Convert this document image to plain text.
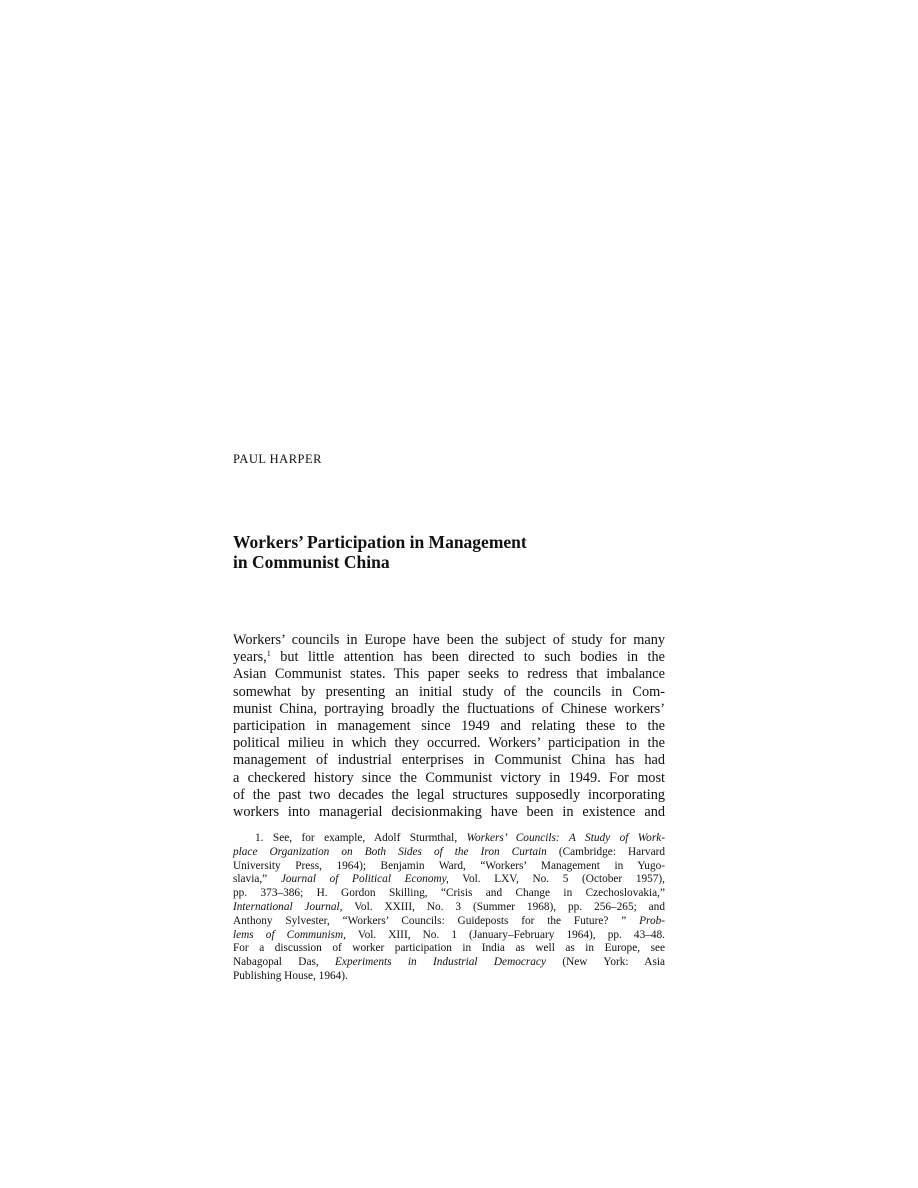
PAUL HARPER
Workers’ Participation in Management
in Communist China
Workers’ councils in Europe have been the subject of study for many
years,$^1$ but little attention has been directed to such bodies in the
Asian Communist states. This paper seeks to redress that imbalance
somewhat by presenting an initial study of the councils in Com-
munist China, portraying broadly the fluctuations of Chinese workers’
participation in management since 1949 and relating these to the
political milieu in which they occurred. Workers’ participation in the
management of industrial enterprises in Communist China has had
a checkered history since the Communist victory in 1949. For most
of the past two decades the legal structures supposedly incorporating
workers into managerial decisionmaking have been in existence and
1. See, for example, Adolf Sturmthal, Workers’ Councils: A Study of Work-
place Organization on Both Sides of the Iron Curtain (Cambridge: Harvard
University Press, 1964); Benjamin Ward, “Workers’ Management in Yugo-
slavia,” Journal of Political Economy, Vol. LXV, No. 5 (October 1957),
pp. 373–386; H. Gordon Skilling, “Crisis and Change in Czechoslovakia,”
International Journal, Vol. XXIII, No. 3 (Summer 1968), pp. 256–265; and
Anthony Sylvester, “Workers’ Councils: Guideposts for the Future? ” Prob-
lems of Communism, Vol. XIII, No. 1 (January–February 1964), pp. 43–48.
For a discussion of worker participation in India as well as in Europe, see
Nabagopal Das, Experiments in Industrial Democracy (New York: Asia
Publishing House, 1964).
